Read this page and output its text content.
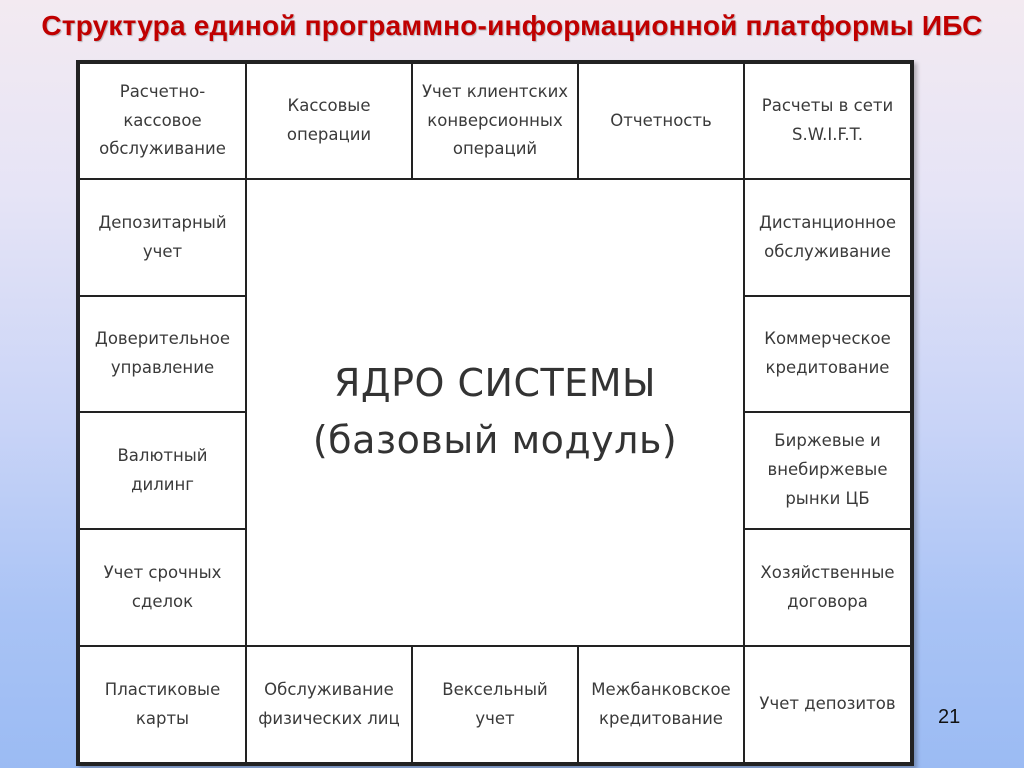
Структура единой программно-информационной платформы ИБС
Расчетно-
кассовое
обслуживание
Кассовые
операции
Учет клиентских
конверсионных
операций
Отчетность
Расчеты в сети
S.W.I.F.T.
Депозитарный
учет
Доверительное
управление
Валютный
дилинг
Учет срочных
сделок
Дистанционное
обслуживание
Коммерческое
кредитование
Биржевые и
внебиржевые
рынки ЦБ
Хозяйственные
договора
Пластиковые
карты
Обслуживание
физических лиц
Вексельный
учет
Межбанковское
кредитование
Учет депозитов
ЯДРО СИСТЕМЫ
(базовый модуль)
21
